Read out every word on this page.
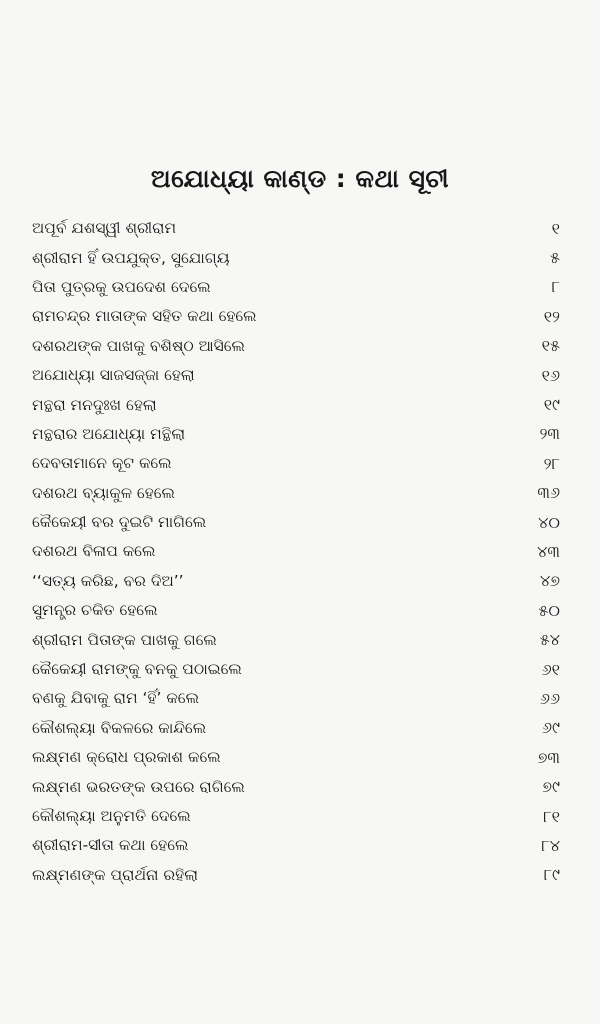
ଅଯୋଧ୍ୟା କାଣ୍ଡ : କଥା ସୂଚୀ
ଅପୂର୍ବ ଯଶସ୍ୱୀ ଶ୍ରୀରାମ	୧
ଶ୍ରୀରାମ ହିଁ ଉପଯୁକ୍ତ, ସୁଯୋଗ୍ୟ	୫
ପିତା ପୁତ୍ରକୁ ଉପଦେଶ ଦେଲେ	୮
ରାମଚନ୍ଦ୍ର ମାତାଙ୍କ ସହିତ କଥା ହେଲେ	୧୨
ଦଶରଥଙ୍କ ପାଖକୁ ବଶିଷ୍ଠ ଆସିଲେ	୧୫
ଅଯୋଧ୍ୟା ସାଜସଜ୍ଜା ହେଲା	୧୬
ମନ୍ଥରା ମନଦୁଃଖ ହେଲା	୧୯
ମନ୍ଥରାର ଅଯୋଧ୍ୟା ମନ୍ଥିଲା	୨୩
ଦେବତାମାନେ କୂଟ କଲେ	୨୮
ଦଶରଥ ବ୍ୟାକୁଳ ହେଲେ	୩୬
କୈକେୟୀ ବର ଦୁଇଟି ମାଗିଲେ	୪୦
ଦଶରଥ ବିଳାପ କଲେ	୪୩
‘‘ସତ୍ୟ କରିଛ, ବର ଦିଅ’’	୪୭
ସୁମନ୍ତ୍ର ଚକିତ ହେଲେ	୫୦
ଶ୍ରୀରାମ ପିତାଙ୍କ ପାଖକୁ ଗଲେ	୫୪
କୈକେୟୀ ରାମଙ୍କୁ ବନକୁ ପଠାଇଲେ	୬୧
ବଣକୁ ଯିବାକୁ ରାମ ‘ହିଁ’ କଲେ	୬୬
କୌଶଲ୍ୟା ବିକଳରେ କାନ୍ଦିଲେ	୬୯
ଲକ୍ଷ୍ମଣ କ୍ରୋଧ ପ୍ରକାଶ କଲେ	୭୩
ଲକ୍ଷ୍ମଣ ଭରତଙ୍କ ଉପରେ ରାଗିଲେ	୭୯
କୌଶଲ୍ୟା ଅନୁମତି ଦେଲେ	୮୧
ଶ୍ରୀରାମ-ସୀତା କଥା ହେଲେ	୮୪
ଲକ୍ଷ୍ମଣଙ୍କ ପ୍ରାର୍ଥନା ରହିଲା	୮୯
